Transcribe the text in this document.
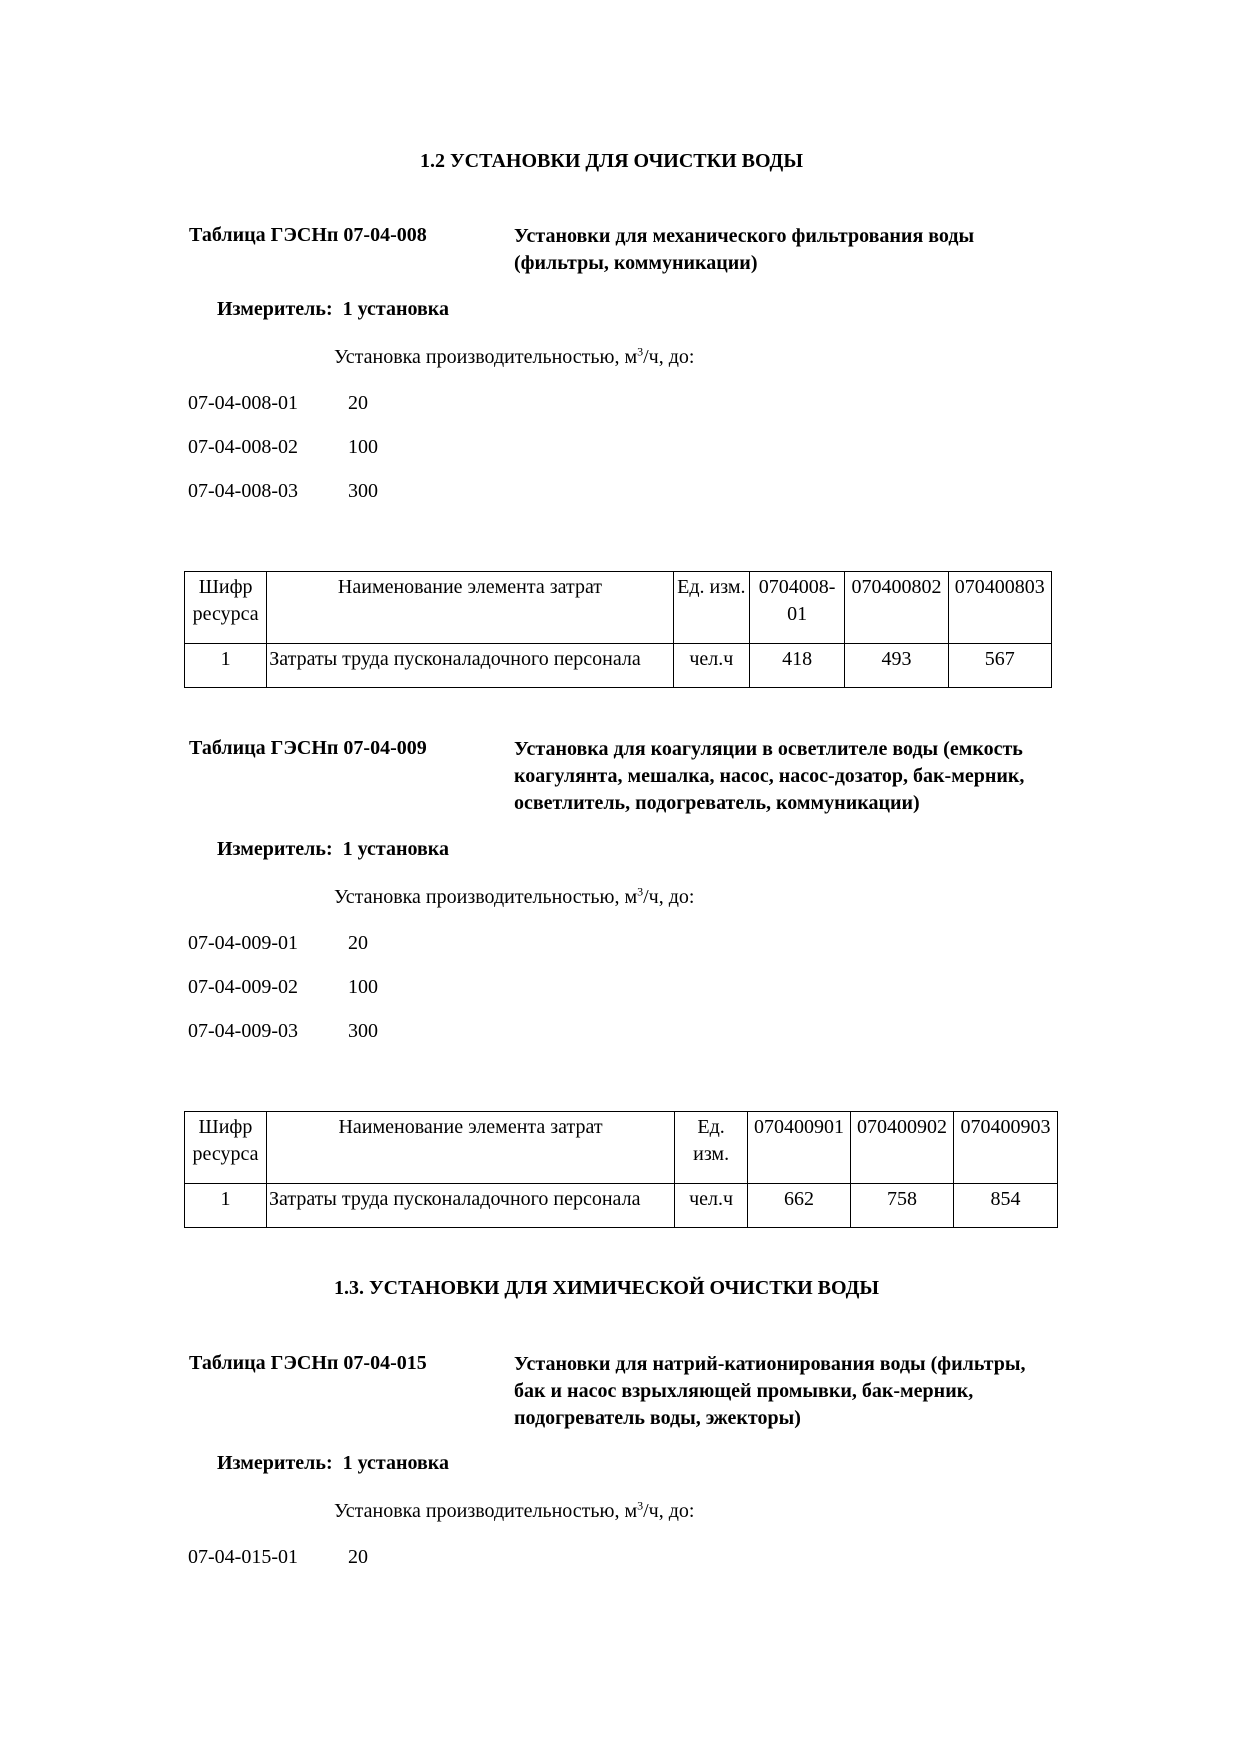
1.2 УСТАНОВКИ ДЛЯ ОЧИСТКИ ВОДЫ
Таблица ГЭСНп 07-04-008	Установки для механического фильтрования воды (фильтры, коммуникации)
Измеритель: 1 установка
Установка производительностью, $м^3/ч$, до:
07-04-008-01	20
07-04-008-02	100
07-04-008-03	300
Шифр ресурса	Наименование элемента затрат	Ед. изм.	0704008-01	070400802	070400803
1	Затраты труда пусконаладочного персонала	чел.ч	418	493	567
Таблица ГЭСНп 07-04-009	Установка для коагуляции в осветлителе воды (емкость коагулянта, мешалка, насос, насос-дозатор, бак-мерник, осветлитель, подогреватель, коммуникации)
Измеритель: 1 установка
Установка производительностью, $м^3/ч$, до:
07-04-009-01	20
07-04-009-02	100
07-04-009-03	300
Шифр ресурса	Наименование элемента затрат	Ед. изм.	070400901	070400902	070400903
1	Затраты труда пусконаладочного персонала	чел.ч	662	758	854
1.3. УСТАНОВКИ ДЛЯ ХИМИЧЕСКОЙ ОЧИСТКИ ВОДЫ
Таблица ГЭСНп 07-04-015	Установки для натрий-катионирования воды (фильтры, бак и насос взрыхляющей промывки, бак-мерник, подогреватель воды, эжекторы)
Измеритель: 1 установка
Установка производительностью, $м^3/ч$, до:
07-04-015-01	20
